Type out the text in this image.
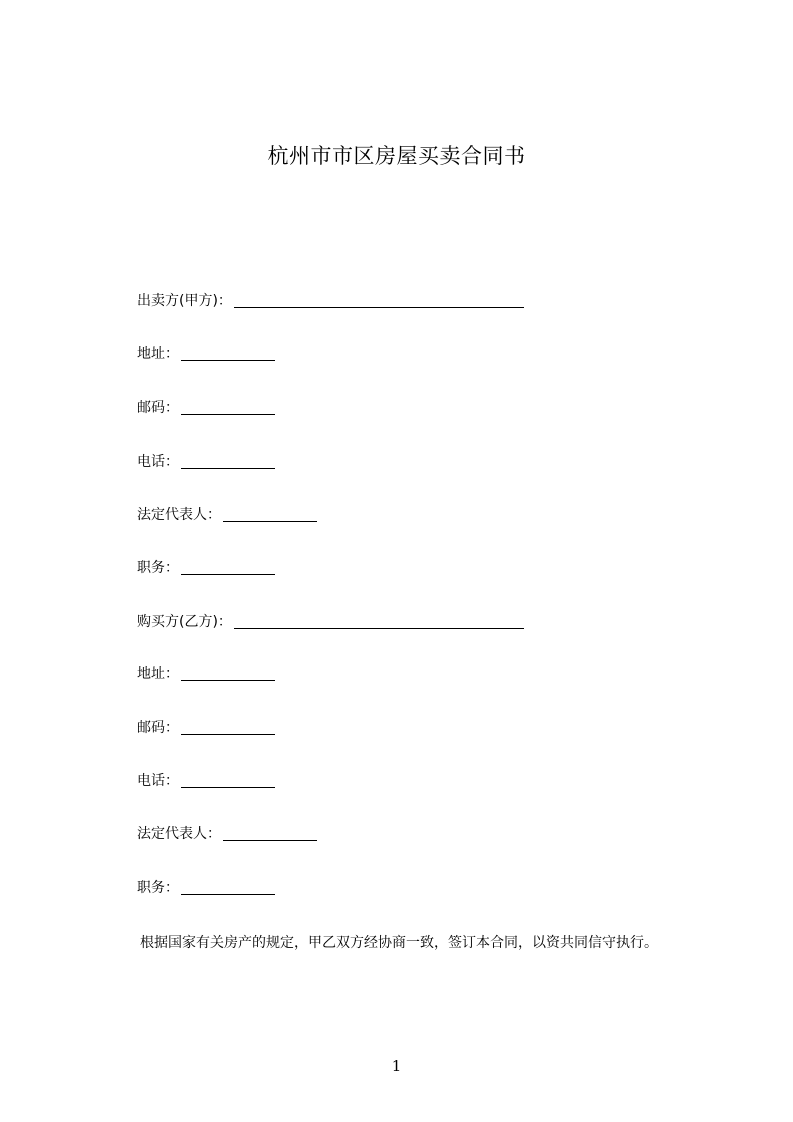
杭州市市区房屋买卖合同书
出卖方(甲方)：
地址：
邮码：
电话：
法定代表人：
职务：
购买方(乙方)：
地址：
邮码：
电话：
法定代表人：
职务：

根据国家有关房产的规定，甲乙双方经协商一致，签订本合同，以资共同信守执行。

1
